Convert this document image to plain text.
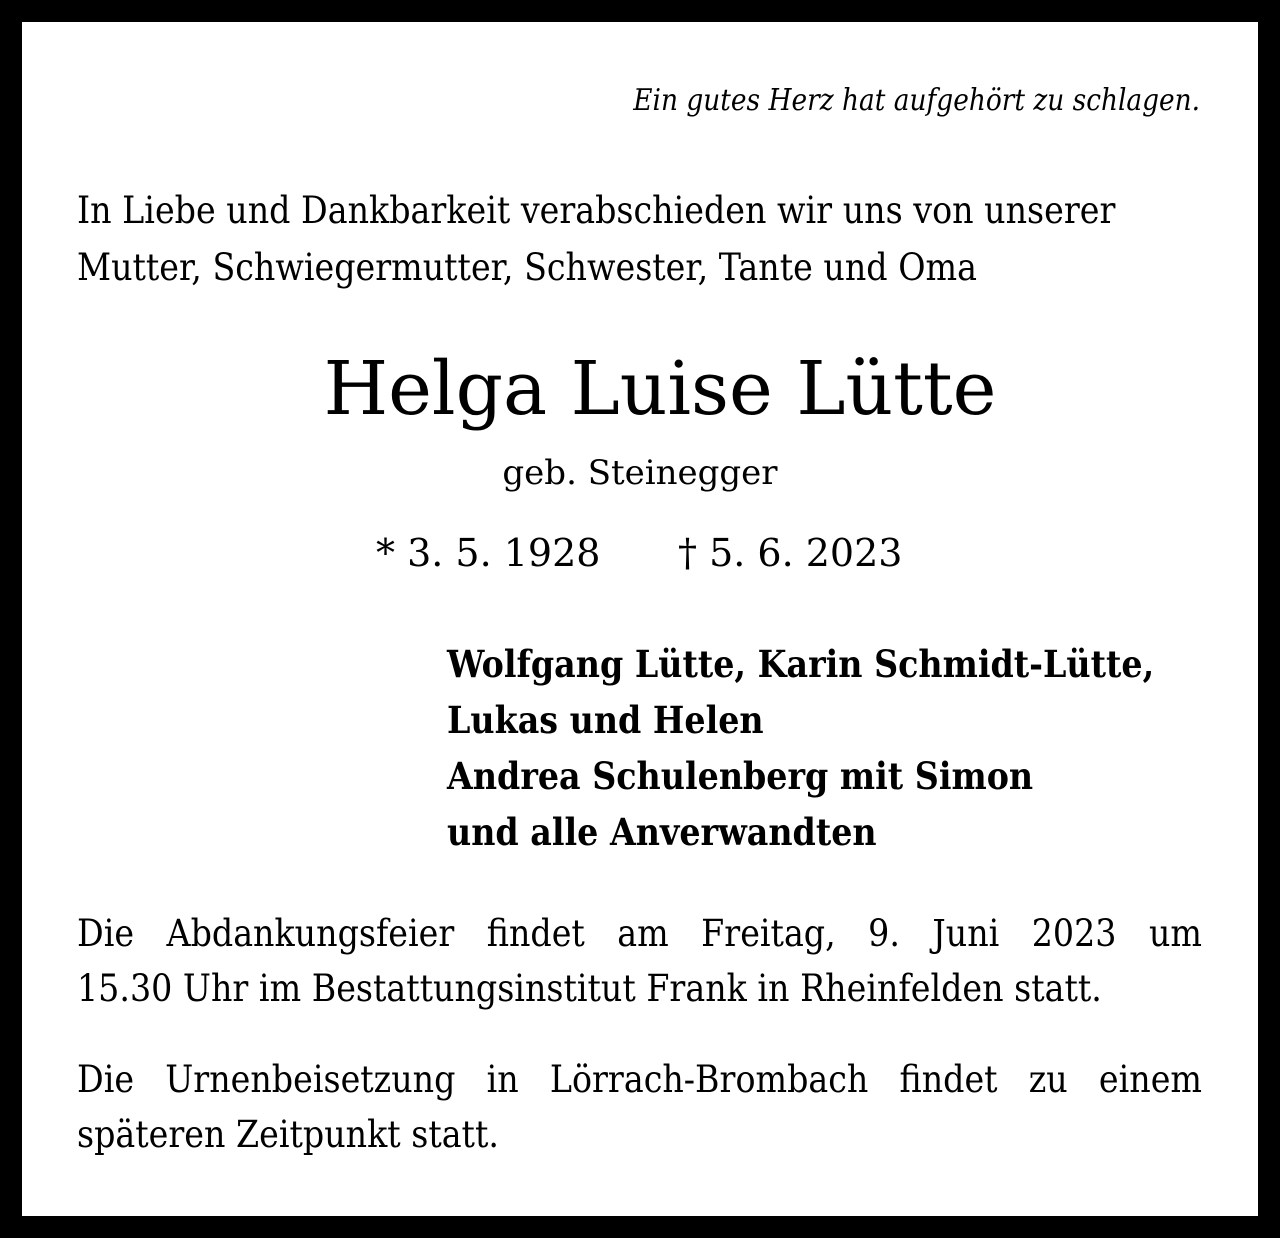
Ein gutes Herz hat aufgehört zu schlagen.
In Liebe und Dankbarkeit verabschieden wir uns von unserer
Mutter, Schwiegermutter, Schwester, Tante und Oma
Helga Luise Lütte
geb. Steinegger
* 3. 5. 1928 † 5. 6. 2023
Wolfgang Lütte, Karin Schmidt-Lütte,
Lukas und Helen
Andrea Schulenberg mit Simon
und alle Anverwandten
Die Abdankungsfeier findet am Freitag, 9. Juni 2023 um
15.30 Uhr im Bestattungsinstitut Frank in Rheinfelden statt.
Die Urnenbeisetzung in Lörrach-Brombach findet zu einem
späteren Zeitpunkt statt.
